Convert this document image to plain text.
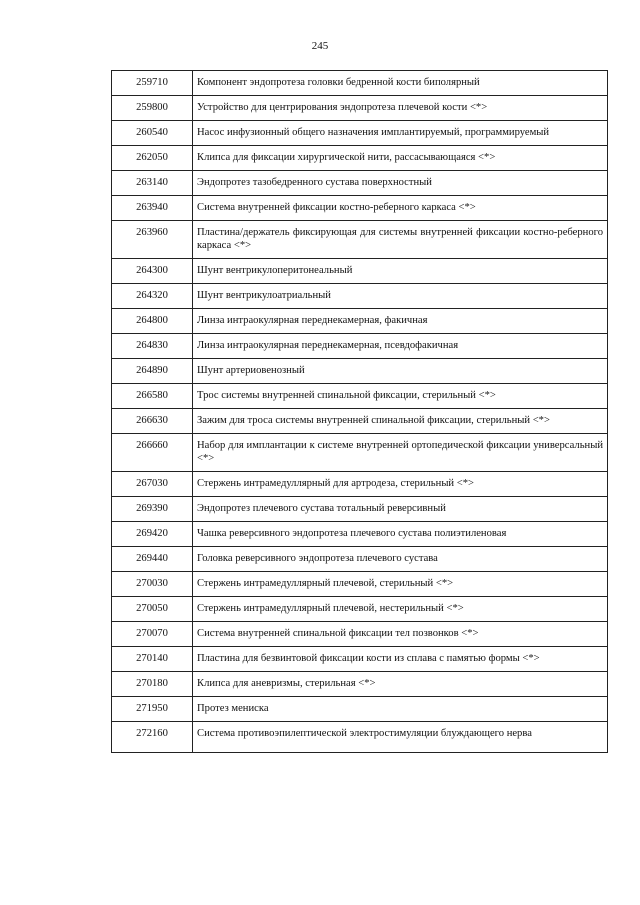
245
259710	Компонент эндопротеза головки бедренной кости биполярный
259800	Устройство для центрирования эндопротеза плечевой кости <*>
260540	Насос инфузионный общего назначения имплантируемый, программируемый
262050	Клипса для фиксации хирургической нити, рассасывающаяся <*>
263140	Эндопротез тазобедренного сустава поверхностный
263940	Система внутренней фиксации костно-реберного каркаса <*>
263960	Пластина/держатель фиксирующая для системы внутренней фиксации костно-реберного каркаса <*>
264300	Шунт вентрикулоперитонеальный
264320	Шунт вентрикулоатриальный
264800	Линза интраокулярная переднекамерная, факичная
264830	Линза интраокулярная переднекамерная, псевдофакичная
264890	Шунт артериовенозный
266580	Трос системы внутренней спинальной фиксации, стерильный <*>
266630	Зажим для троса системы внутренней спинальной фиксации, стерильный <*>
266660	Набор для имплантации к системе внутренней ортопедической фиксации универсальный <*>
267030	Стержень интрамедуллярный для артродеза, стерильный <*>
269390	Эндопротез плечевого сустава тотальный реверсивный
269420	Чашка реверсивного эндопротеза плечевого сустава полиэтиленовая
269440	Головка реверсивного эндопротеза плечевого сустава
270030	Стержень интрамедуллярный плечевой, стерильный <*>
270050	Стержень интрамедуллярный плечевой, нестерильный <*>
270070	Система внутренней спинальной фиксации тел позвонков <*>
270140	Пластина для безвинтовой фиксации кости из сплава с памятью формы <*>
270180	Клипса для аневризмы, стерильная <*>
271950	Протез мениска
272160	Система противоэпилептической электростимуляции блуждающего нерва
